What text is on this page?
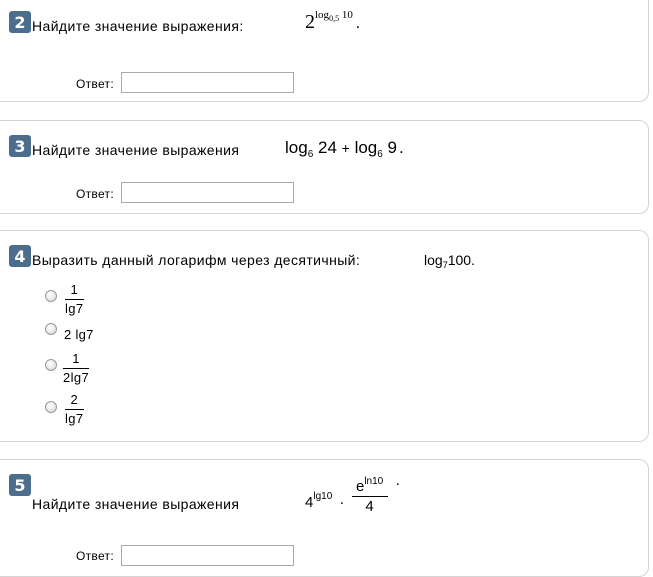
2 Найдите значение выражения:	$2^{log_{0,5} 10}$ .
Ответ:
3 Найдите значение выражения	$\log_6 24 + \log_6 9$ .
Ответ:
4 Выразить данный логарифм через десятичный:	$\log_7100$.
1
lg7
2 lg7
1
2lg7
2
lg7
5
Найдите значение выражения	$4_{lg10} \cdot \frac{e^{ln10}}{4}$ .
Ответ:
